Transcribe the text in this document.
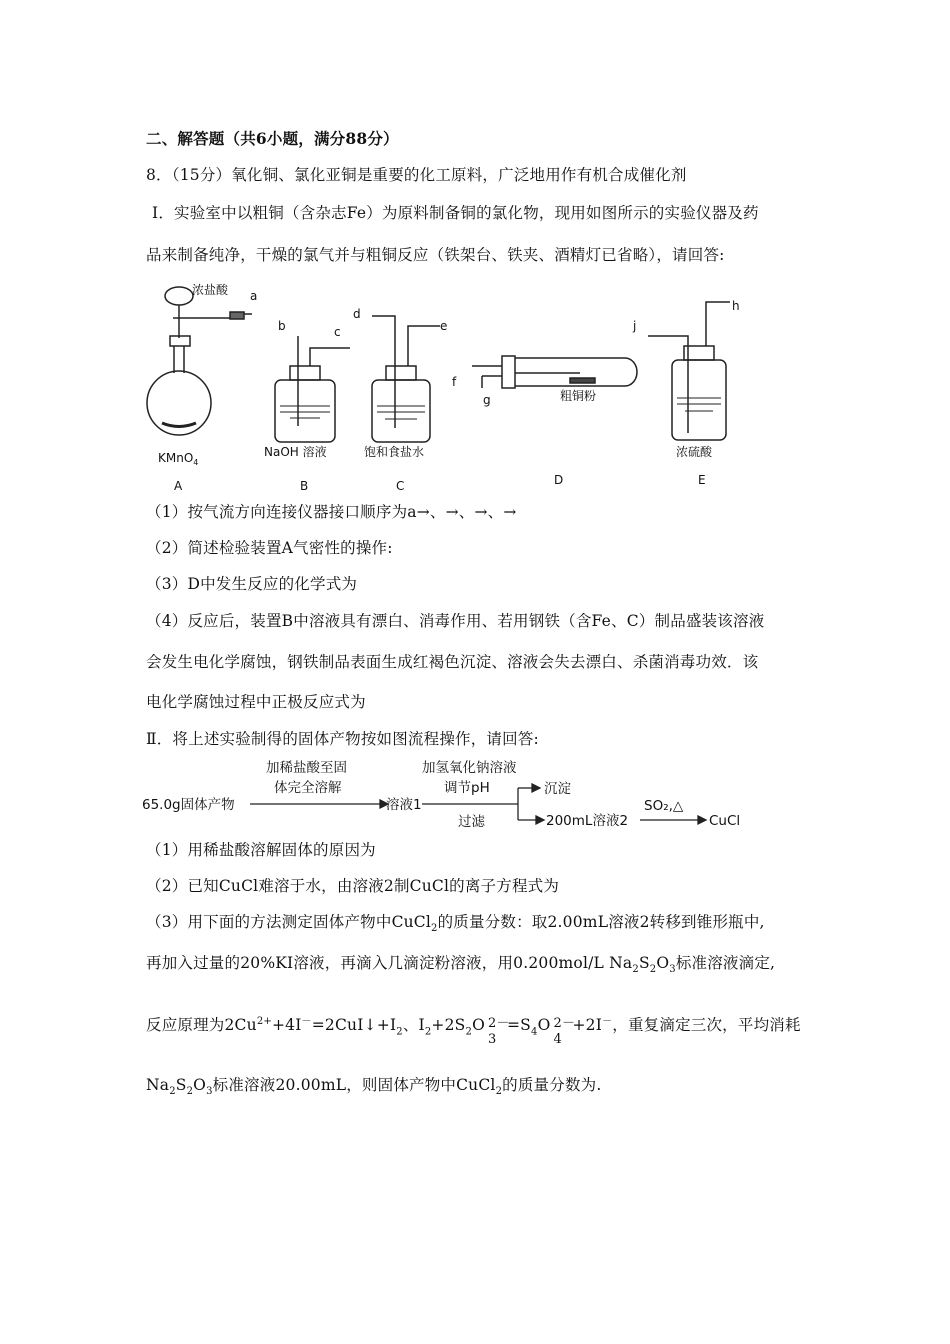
二、解答题（共6小题，满分88分）
8．（15分）氧化铜、氯化亚铜是重要的化工原料，广泛地用作有机合成催化剂
Ⅰ．实验室中以粗铜（含杂志Fe）为原料制备铜的氯化物，现用如图所示的实验仪器及药
品来制备纯净，干燥的氯气并与粗铜反应（铁架台、铁夹、酒精灯已省略），请回答:
浓盐酸 a
KMnO$_4$
A
b	c
NaOH 溶液
B
d
e
饱和食盐水
C
f
g	粗铜粉
D
j
h
浓硫酸
E
（1）按气流方向连接仪器接口顺序为a→、→、→、→
（2）简述检验装置A气密性的操作:
（3）D中发生反应的化学式为
（4）反应后，装置B中溶液具有漂白、消毒作用、若用钢铁（含Fe、C）制品盛装该溶液
会发生电化学腐蚀，钢铁制品表面生成红褐色沉淀、溶液会失去漂白、杀菌消毒功效．该
电化学腐蚀过程中正极反应式为
Ⅱ．将上述实验制得的固体产物按如图流程操作，请回答:
65.0g固体产物
加稀盐酸至固
体完全溶解
溶液1
加氢氧化钠溶液
调节pH
过滤
沉淀
200mL溶液2
SO₂,△
CuCl
（1）用稀盐酸溶解固体的原因为
（2）已知CuCl难溶于水，由溶液2制CuCl的离子方程式为
（3）用下面的方法测定固体产物中CuCl$_2$的质量分数：取2.00mL溶液2转移到锥形瓶中,
再加入过量的20%KI溶液，再滴入几滴淀粉溶液，用0.200mol/L $Na_2S_2O_3$标准溶液滴定,
反应原理为$2Cu^{2+}+4I^-=2CuI↓+I_2$、$I_2+2S_2O$ 2－
3
$=S_4O$ 2－
4
+2I－，重复滴定三次，平均消耗
$Na_2S_2O_3$标准溶液20.00mL，则固体产物中CuCl$_2$的质量分数为.
